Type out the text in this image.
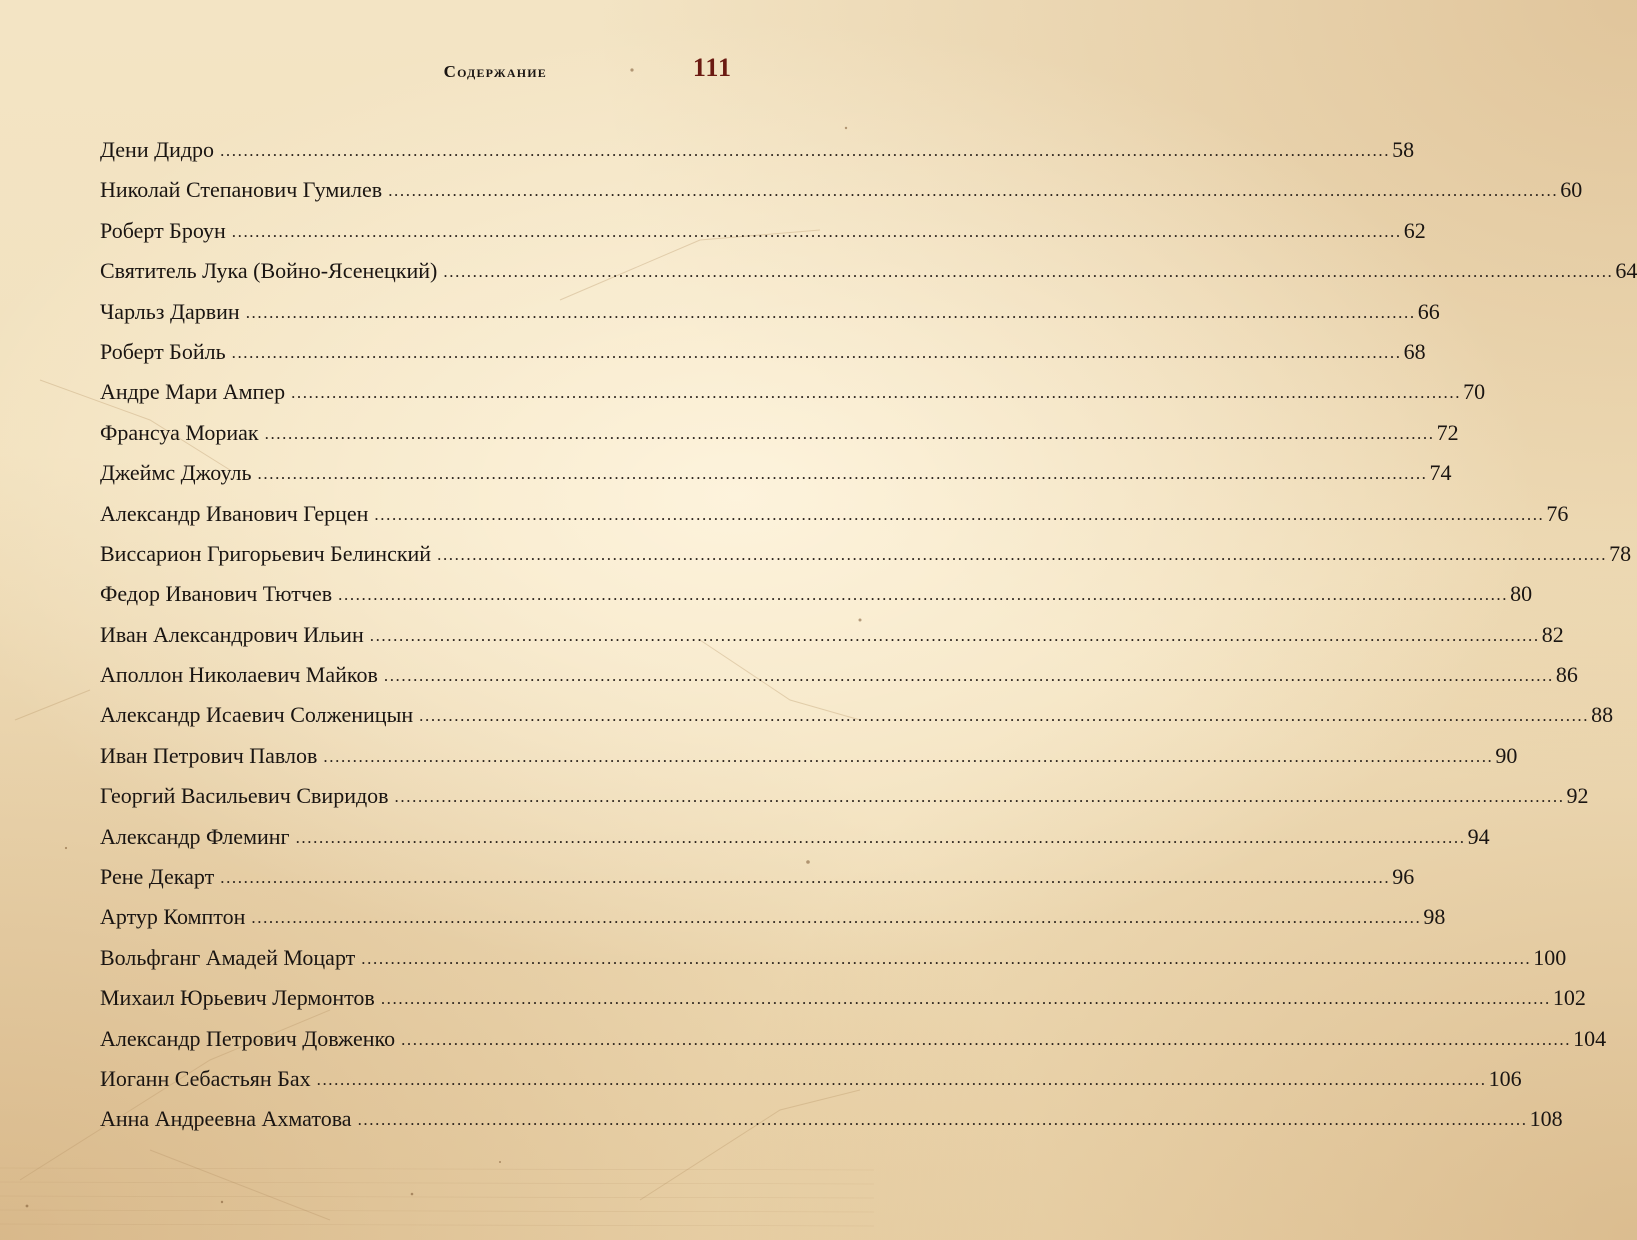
Содержание	111
Дени Дидро ........................................................................................................................................................................................................ 58
Николай Степанович Гумилев ........................................................................................................................................................................................................ 60
Роберт Броун ........................................................................................................................................................................................................ 62
Святитель Лука (Войно-Ясенецкий) ........................................................................................................................................................................................................ 64
Чарльз Дарвин ........................................................................................................................................................................................................ 66
Роберт Бойль ........................................................................................................................................................................................................ 68
Андре Мари Ампер ........................................................................................................................................................................................................ 70
Франсуа Мориак ........................................................................................................................................................................................................ 72
Джеймс Джоуль ........................................................................................................................................................................................................ 74
Александр Иванович Герцен ........................................................................................................................................................................................................ 76
Виссарион Григорьевич Белинский ........................................................................................................................................................................................................ 78
Федор Иванович Тютчев ........................................................................................................................................................................................................ 80
Иван Александрович Ильин ........................................................................................................................................................................................................ 82
Аполлон Николаевич Майков ........................................................................................................................................................................................................ 86
Александр Исаевич Солженицын ........................................................................................................................................................................................................ 88
Иван Петрович Павлов ........................................................................................................................................................................................................ 90
Георгий Васильевич Свиридов ........................................................................................................................................................................................................ 92
Александр Флеминг ........................................................................................................................................................................................................ 94
Рене Декарт ........................................................................................................................................................................................................ 96
Артур Комптон ........................................................................................................................................................................................................ 98
Вольфганг Амадей Моцарт ........................................................................................................................................................................................................ 100
Михаил Юрьевич Лермонтов ........................................................................................................................................................................................................ 102
Александр Петрович Довженко ........................................................................................................................................................................................................ 104
Иоганн Себастьян Бах ........................................................................................................................................................................................................ 106
Анна Андреевна Ахматова ........................................................................................................................................................................................................ 108
